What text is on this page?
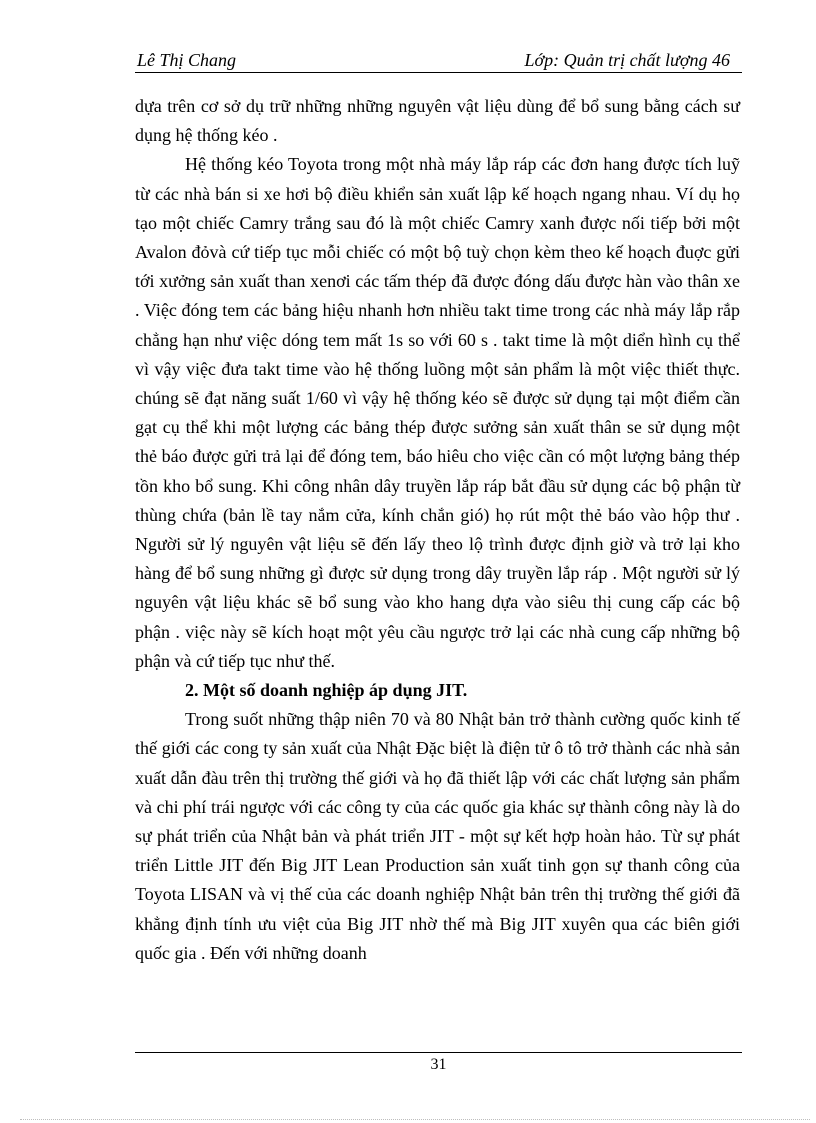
Lê Thị Chang	Lớp: Quản trị chất lượng 46

dựa trên cơ sở dụ trữ những những nguyên vật liệu dùng để bổ sung bằng cách sư dụng hệ thống kéo .

Hệ thống kéo Toyota trong một nhà máy lắp ráp các đơn hang được tích luỹ từ các nhà bán si xe hơi bộ điều khiển sản xuất lập kế hoạch ngang nhau. Ví dụ họ tạo một chiếc Camry trắng sau đó là một chiếc Camry xanh được nối tiếp bởi một Avalon đỏvà cứ tiếp tục mỗi chiếc có một bộ tuỳ chọn kèm theo kế hoạch đuợc gửi tới xưởng sản xuất than xenơi các tấm thép đã được đóng dấu được hàn vào thân xe . Việc đóng tem các bảng hiệu nhanh hơn nhiều takt time trong các nhà máy lắp rắp chẳng hạn như việc dóng tem mất 1s so với 60 s . takt time là một diển hình cụ thể vì vậy việc đưa takt time vào hệ thống luồng một sản phẩm là một việc thiết thực. chúng sẽ đạt năng suất 1/60 vì vậy hệ thống kéo sẽ được sử dụng tại một điểm cần gạt cụ thể khi một lượng các bảng thép được sưởng sản xuất thân se sử dụng một thẻ báo được gửi trả lại để đóng tem, báo hiêu cho việc cần có một lượng bảng thép tồn kho bổ sung. Khi công nhân dây truyền lắp ráp bắt đầu sử dụng các bộ phận từ thùng chứa (bản lề tay nắm cửa, kính chắn gió) họ rút một thẻ báo vào hộp thư . Người sử lý nguyên vật liệu sẽ đến lấy theo lộ trình được định giờ và trở lại kho hàng để bổ sung những gì được sử dụng trong dây truyền lắp ráp . Một người sử lý nguyên vật liệu khác sẽ bổ sung vào kho hang dựa vào siêu thị cung cấp các bộ phận . việc này sẽ kích hoạt một yêu cầu ngược trở lại các nhà cung cấp những bộ phận và cứ tiếp tục như thế.

2. Một số doanh nghiệp áp dụng JIT.

Trong suốt những thập niên 70 và 80 Nhật bản trở thành cường quốc kinh tế thế giới các cong ty sản xuất của Nhật Đặc biệt là điện tử ô tô trở thành các nhà sản xuất dẫn đàu trên thị trường thế giới và họ đã thiết lập với các chất lượng sản phẩm và chi phí trái ngược với các công ty của các quốc gia khác sự thành công này là do sự phát triển của Nhật bản và phát triển JIT - một sự kết hợp hoàn hảo. Từ sự phát triển Little JIT đến Big JIT Lean Production sản xuất tinh gọn sự thanh công của Toyota LISAN và vị thế của các doanh nghiệp Nhật bản trên thị trường thế giới đã khẳng định tính ưu việt của Big JIT nhờ thế mà Big JIT xuyên qua các biên giới quốc gia . Đến với những doanh

31
